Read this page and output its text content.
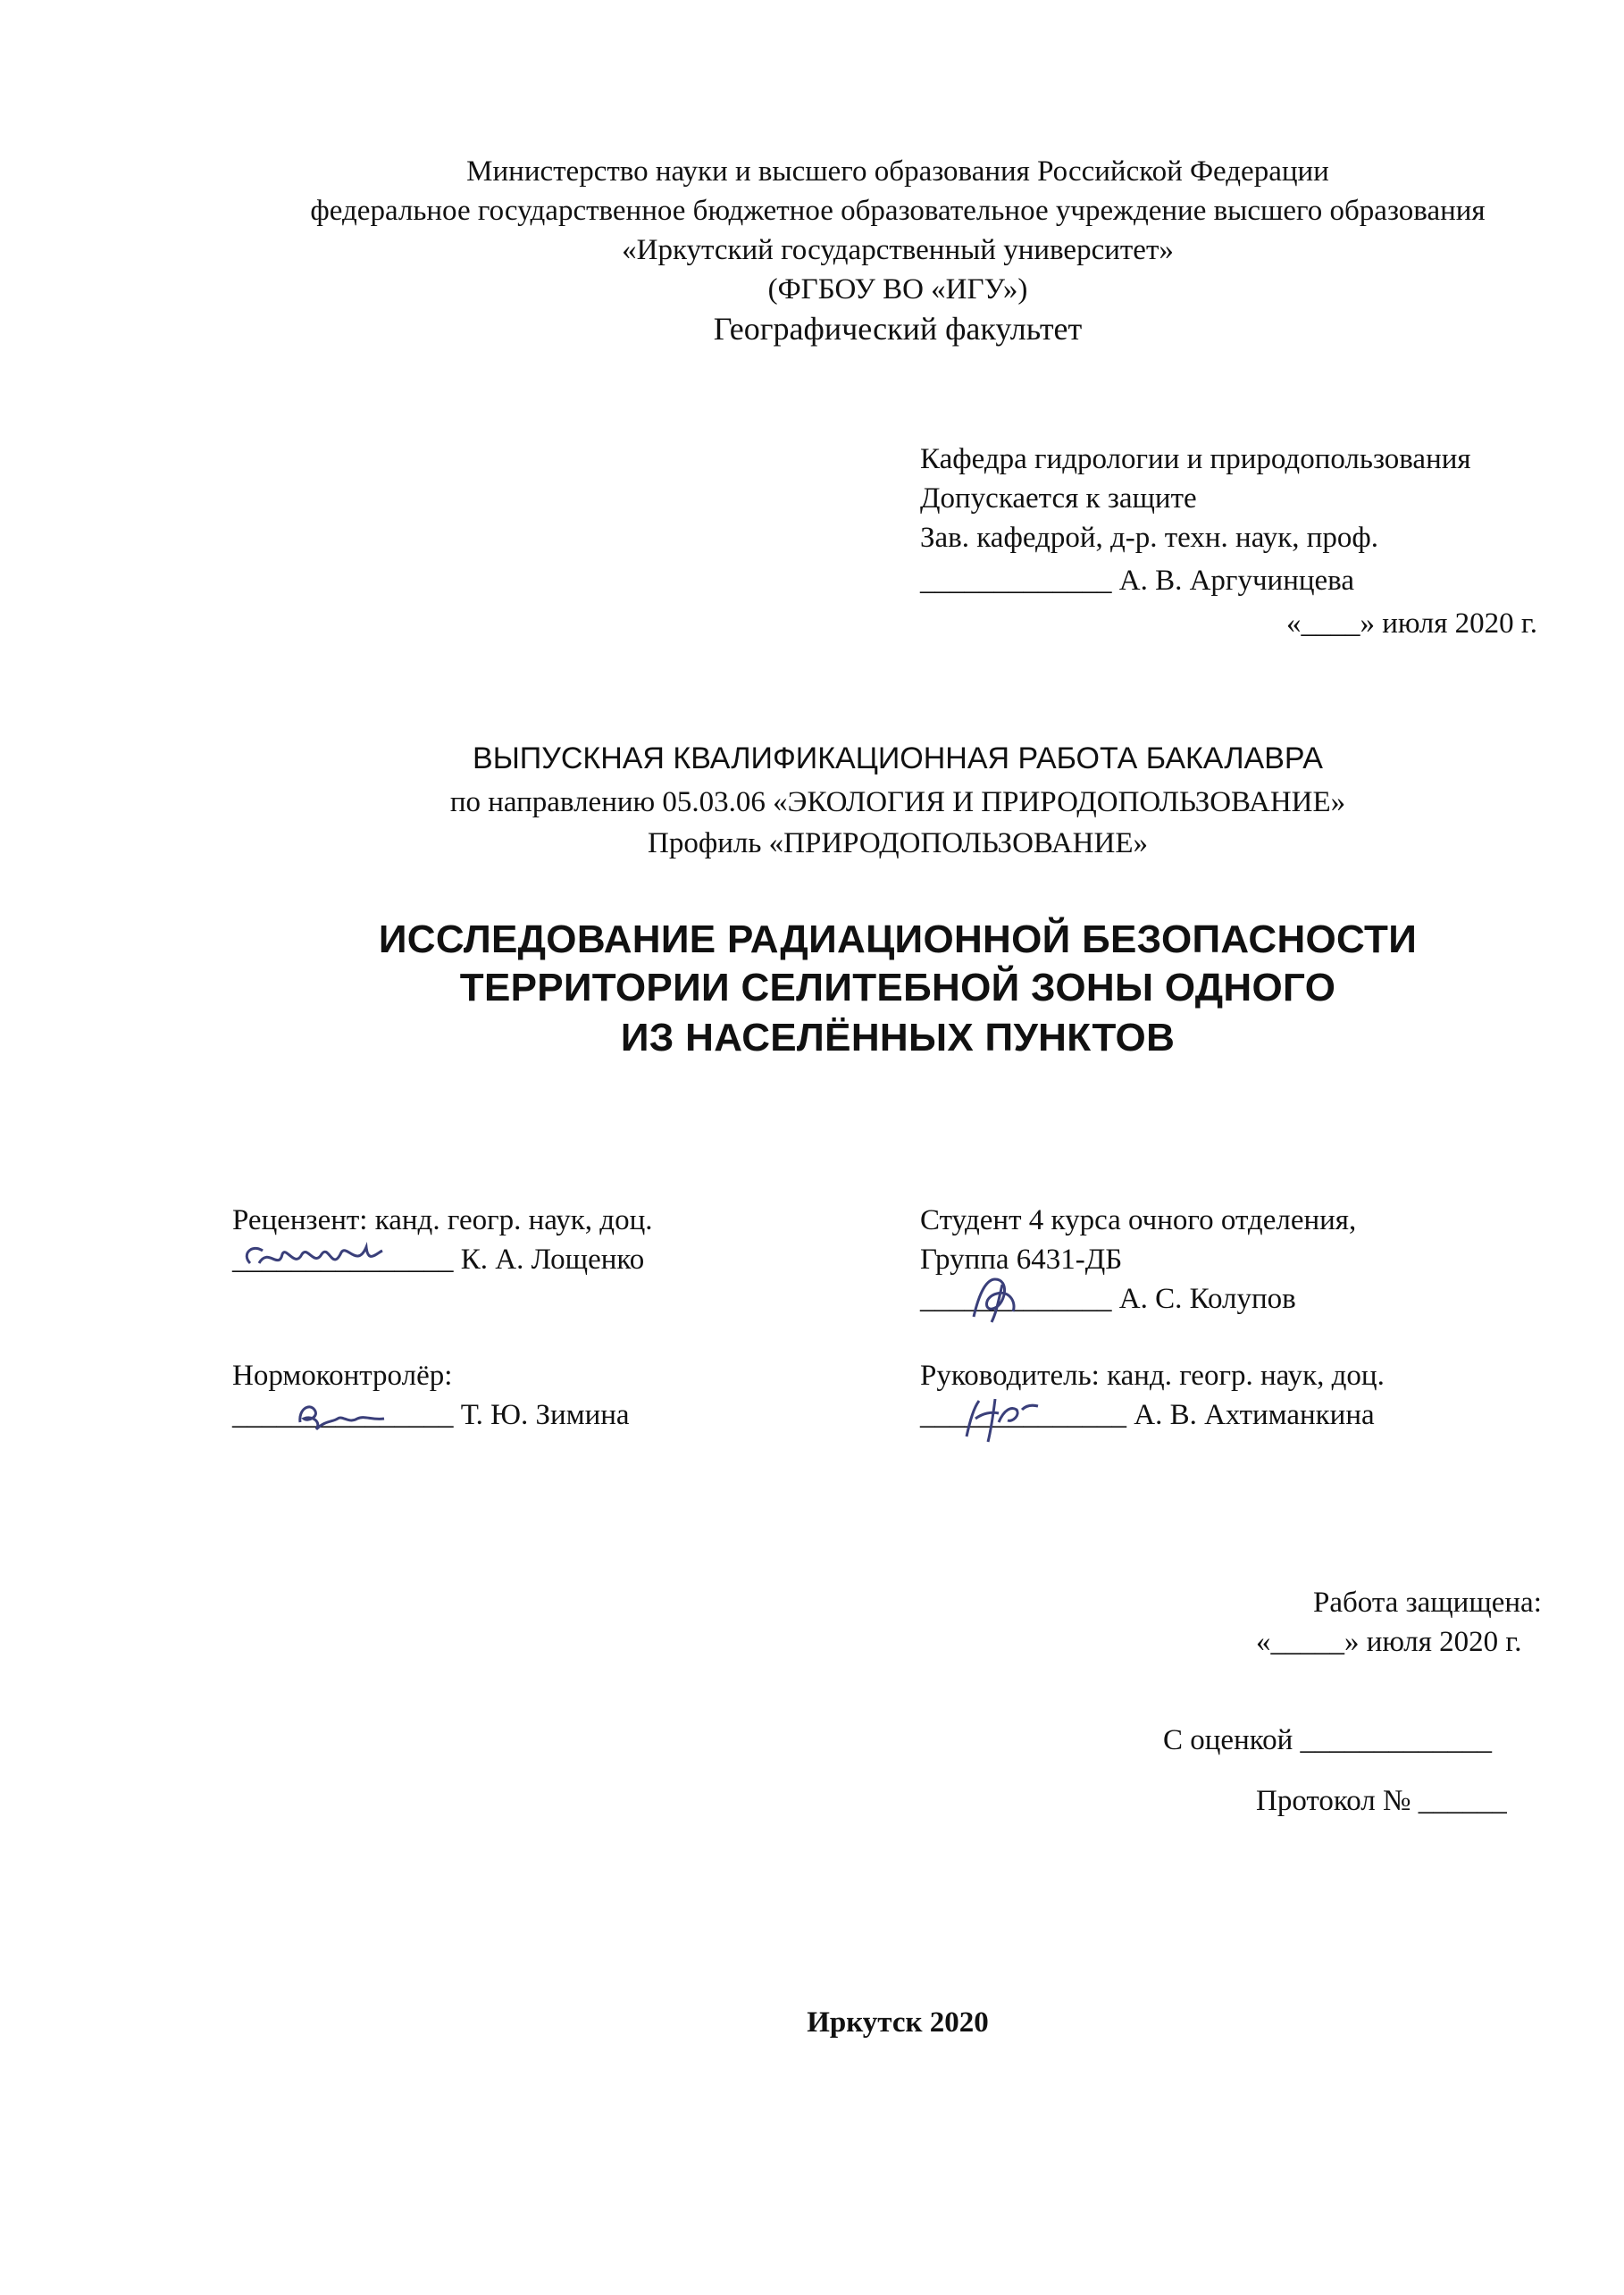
Министерство науки и высшего образования Российской Федерации
федеральное государственное бюджетное образовательное учреждение высшего образования
«Иркутский государственный университет»
(ФГБОУ ВО «ИГУ»)
Географический факультет
Кафедра гидрологии и природопользования
Допускается к защите
Зав. кафедрой, д-р. техн. наук, проф.
_____________ А. В. Аргучинцева
«____» июля 2020 г.
ВЫПУСКНАЯ КВАЛИФИКАЦИОННАЯ РАБОТА БАКАЛАВРА
по направлению 05.03.06 «ЭКОЛОГИЯ И ПРИРОДОПОЛЬЗОВАНИЕ»
Профиль «ПРИРОДОПОЛЬЗОВАНИЕ»
ИССЛЕДОВАНИЕ РАДИАЦИОННОЙ БЕЗОПАСНОСТИ
ТЕРРИТОРИИ СЕЛИТЕБНОЙ ЗОНЫ ОДНОГО
ИЗ НАСЕЛЁННЫХ ПУНКТОВ
Рецензент: канд. геогр. наук, доц.
_______________ К. А. Лощенко
Студент 4 курса очного отделения,
Группа 6431-ДБ
_____________ А. С. Колупов
Нормоконтролёр:
_______________ Т. Ю. Зимина
Руководитель: канд. геогр. наук, доц.
______________ А. В. Ахтиманкина
Работа защищена:
«_____» июля 2020 г.
С оценкой _____________
Протокол № ______
Иркутск 2020
